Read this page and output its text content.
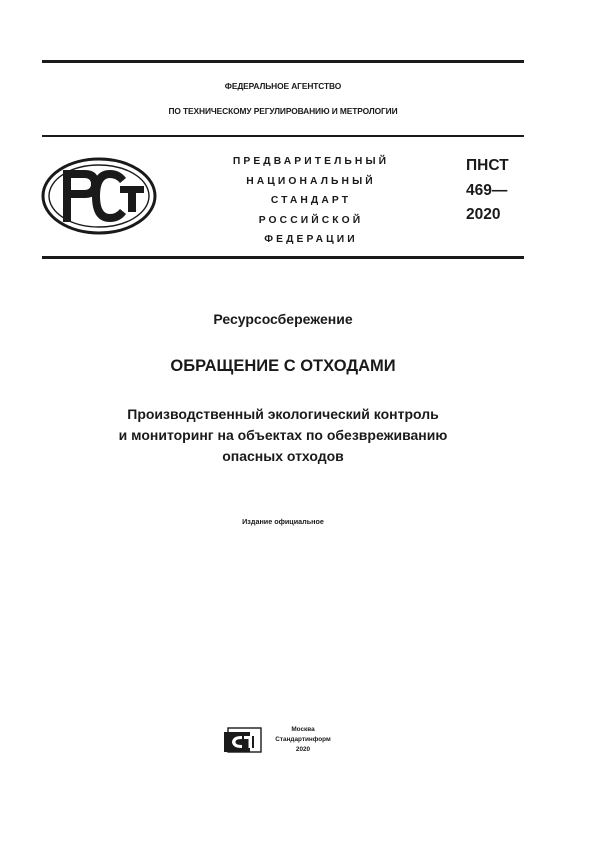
ФЕДЕРАЛЬНОЕ АГЕНТСТВО
ПО ТЕХНИЧЕСКОМУ РЕГУЛИРОВАНИЮ И МЕТРОЛОГИИ
ПРЕДВАРИТЕЛЬНЫЙ
НАЦИОНАЛЬНЫЙ
СТАНДАРТ
РОССИЙСКОЙ
ФЕДЕРАЦИИ
ПНСТ
469—
2020
Ресурсосбережение
ОБРАЩЕНИЕ С ОТХОДАМИ
Производственный экологический контроль
и мониторинг на объектах по обезвреживанию
опасных отходов
Издание официальное
Москва
Стандартинформ
2020
